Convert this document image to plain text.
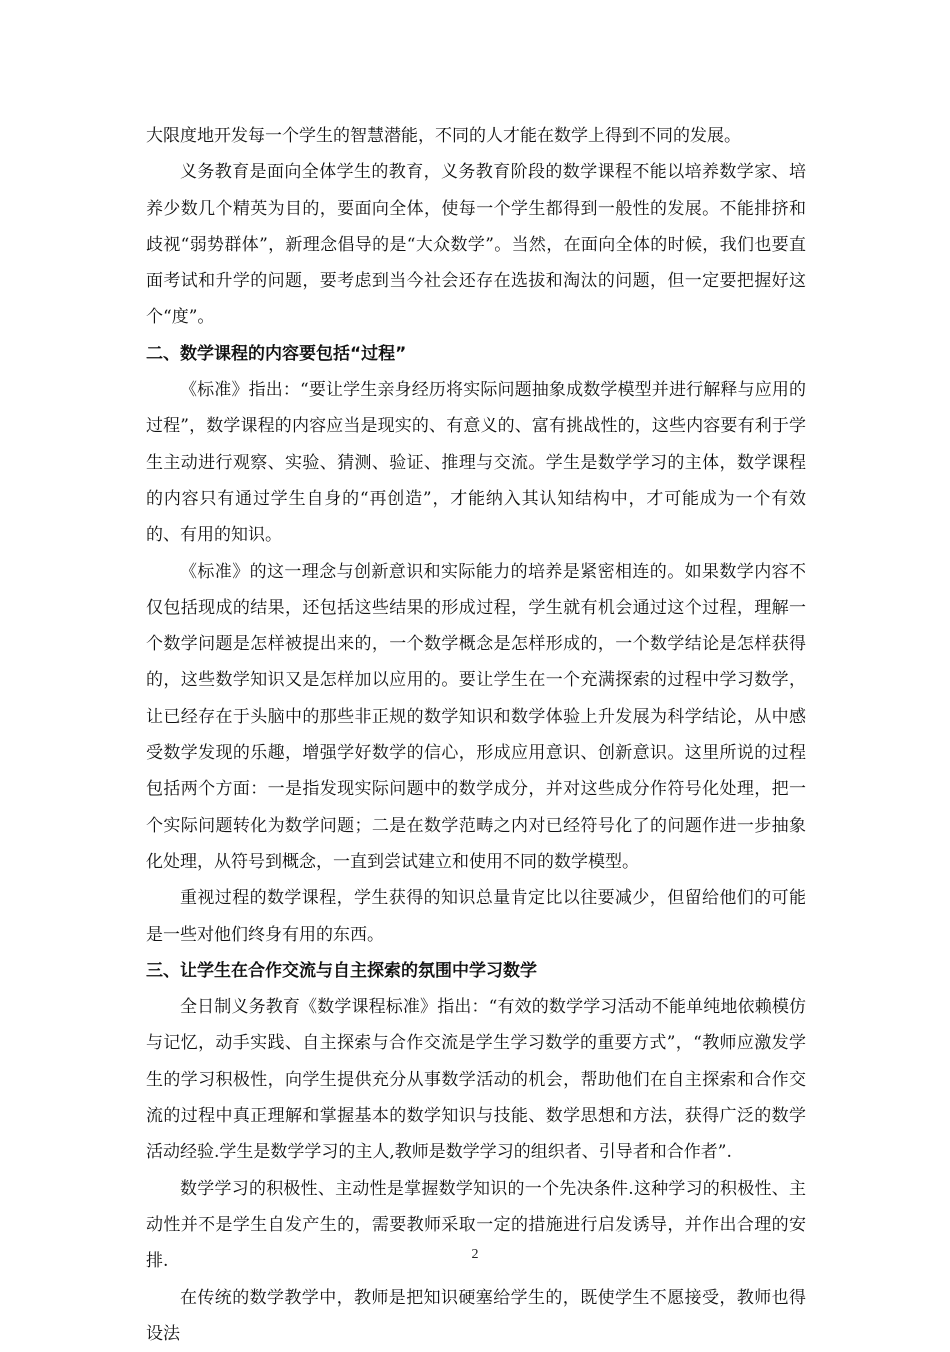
大限度地开发每一个学生的智慧潜能，不同的人才能在数学上得到不同的发展。

义务教育是面向全体学生的教育，义务教育阶段的数学课程不能以培养数学家、培养少数几个精英为目的，要面向全体，使每一个学生都得到一般性的发展。不能排挤和歧视“弱势群体”，新理念倡导的是“大众数学”。当然，在面向全体的时候，我们也要直面考试和升学的问题，要考虑到当今社会还存在选拔和淘汰的问题，但一定要把握好这个“度”。

二、数学课程的内容要包括“过程”

《标准》指出：“要让学生亲身经历将实际问题抽象成数学模型并进行解释与应用的过程”，数学课程的内容应当是现实的、有意义的、富有挑战性的，这些内容要有利于学生主动进行观察、实验、猜测、验证、推理与交流。学生是数学学习的主体，数学课程的内容只有通过学生自身的“再创造”，才能纳入其认知结构中，才可能成为一个有效的、有用的知识。

《标准》的这一理念与创新意识和实际能力的培养是紧密相连的。如果数学内容不仅包括现成的结果，还包括这些结果的形成过程，学生就有机会通过这个过程，理解一个数学问题是怎样被提出来的，一个数学概念是怎样形成的，一个数学结论是怎样获得的，这些数学知识又是怎样加以应用的。要让学生在一个充满探索的过程中学习数学，让已经存在于头脑中的那些非正规的数学知识和数学体验上升发展为科学结论，从中感受数学发现的乐趣，增强学好数学的信心，形成应用意识、创新意识。这里所说的过程包括两个方面：一是指发现实际问题中的数学成分，并对这些成分作符号化处理，把一个实际问题转化为数学问题；二是在数学范畴之内对已经符号化了的问题作进一步抽象化处理，从符号到概念，一直到尝试建立和使用不同的数学模型。

重视过程的数学课程，学生获得的知识总量肯定比以往要减少，但留给他们的可能是一些对他们终身有用的东西。

三、让学生在合作交流与自主探索的氛围中学习数学

全日制义务教育《数学课程标准》指出：“有效的数学学习活动不能单纯地依赖模仿与记忆，动手实践、自主探索与合作交流是学生学习数学的重要方式”，“教师应激发学生的学习积极性，向学生提供充分从事数学活动的机会，帮助他们在自主探索和合作交流的过程中真正理解和掌握基本的数学知识与技能、数学思想和方法，获得广泛的数学活动经验.学生是数学学习的主人,教师是数学学习的组织者、引导者和合作者”.

数学学习的积极性、主动性是掌握数学知识的一个先决条件.这种学习的积极性、主动性并不是学生自发产生的，需要教师采取一定的措施进行启发诱导，并作出合理的安排.

在传统的数学教学中，教师是把知识硬塞给学生的，既使学生不愿接受，教师也得设法

2
